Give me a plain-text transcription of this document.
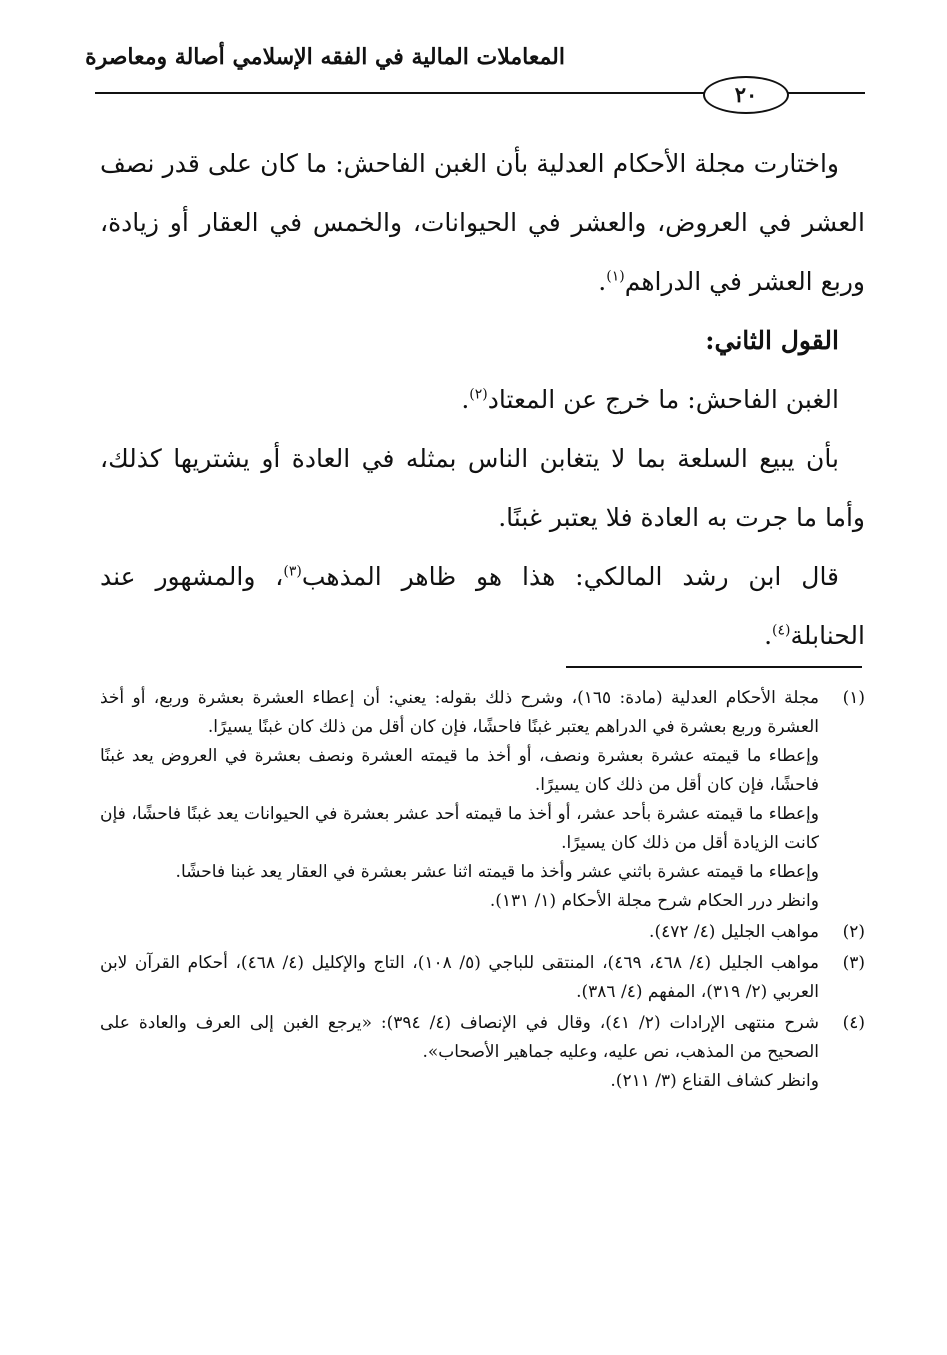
المعاملات المالية في الفقه الإسلامي أصالة ومعاصرة
٢٠

واختارت مجلة الأحكام العدلية بأن الغبن الفاحش: ما كان على قدر نصف العشر في العروض، والعشر في الحيوانات، والخمس في العقار أو زيادة، وربع العشر في الدراهم$^{(١)}$.

القول الثاني:

الغبن الفاحش: ما خرج عن المعتاد$^{(٢)}$.

بأن يبيع السلعة بما لا يتغابن الناس بمثله في العادة أو يشتريها كذلك، وأما ما جرت به العادة فلا يعتبر غبنًا.

قال ابن رشد المالكي: هذا هو ظاهر المذهب$^{(٣)}$، والمشهور عند الحنابلة$^{(٤)}$.

(١)

مجلة الأحكام العدلية (مادة: ١٦٥)، وشرح ذلك بقوله: يعني: أن إعطاء العشرة بعشرة وربع، أو أخذ العشرة وربع بعشرة في الدراهم يعتبر غبنًا فاحشًا، فإن كان أقل من ذلك كان غبنًا يسيرًا.

وإعطاء ما قيمته عشرة بعشرة ونصف، أو أخذ ما قيمته العشرة ونصف بعشرة في العروض يعد غبنًا فاحشًا، فإن كان أقل من ذلك كان يسيرًا.

وإعطاء ما قيمته عشرة بأحد عشر، أو أخذ ما قيمته أحد عشر بعشرة في الحيوانات يعد غبنًا فاحشًا، فإن كانت الزيادة أقل من ذلك كان يسيرًا.

وإعطاء ما قيمته عشرة باثني عشر وأخذ ما قيمته اثنا عشر بعشرة في العقار يعد غبنا فاحشًا.

وانظر درر الحكام شرح مجلة الأحكام (١/ ١٣١).

(٢)

مواهب الجليل (٤/ ٤٧٢).

(٣)

مواهب الجليل (٤/ ٤٦٨، ٤٦٩)، المنتقى للباجي (٥/ ١٠٨)، التاج والإكليل (٤/ ٤٦٨)، أحكام القرآن لابن العربي (٢/ ٣١٩)، المفهم (٤/ ٣٨٦).

(٤)

شرح منتهى الإرادات (٢/ ٤١)، وقال في الإنصاف (٤/ ٣٩٤): «يرجع الغبن إلى العرف والعادة على الصحيح من المذهب، نص عليه، وعليه جماهير الأصحاب».

وانظر كشاف القناع (٣/ ٢١١).
